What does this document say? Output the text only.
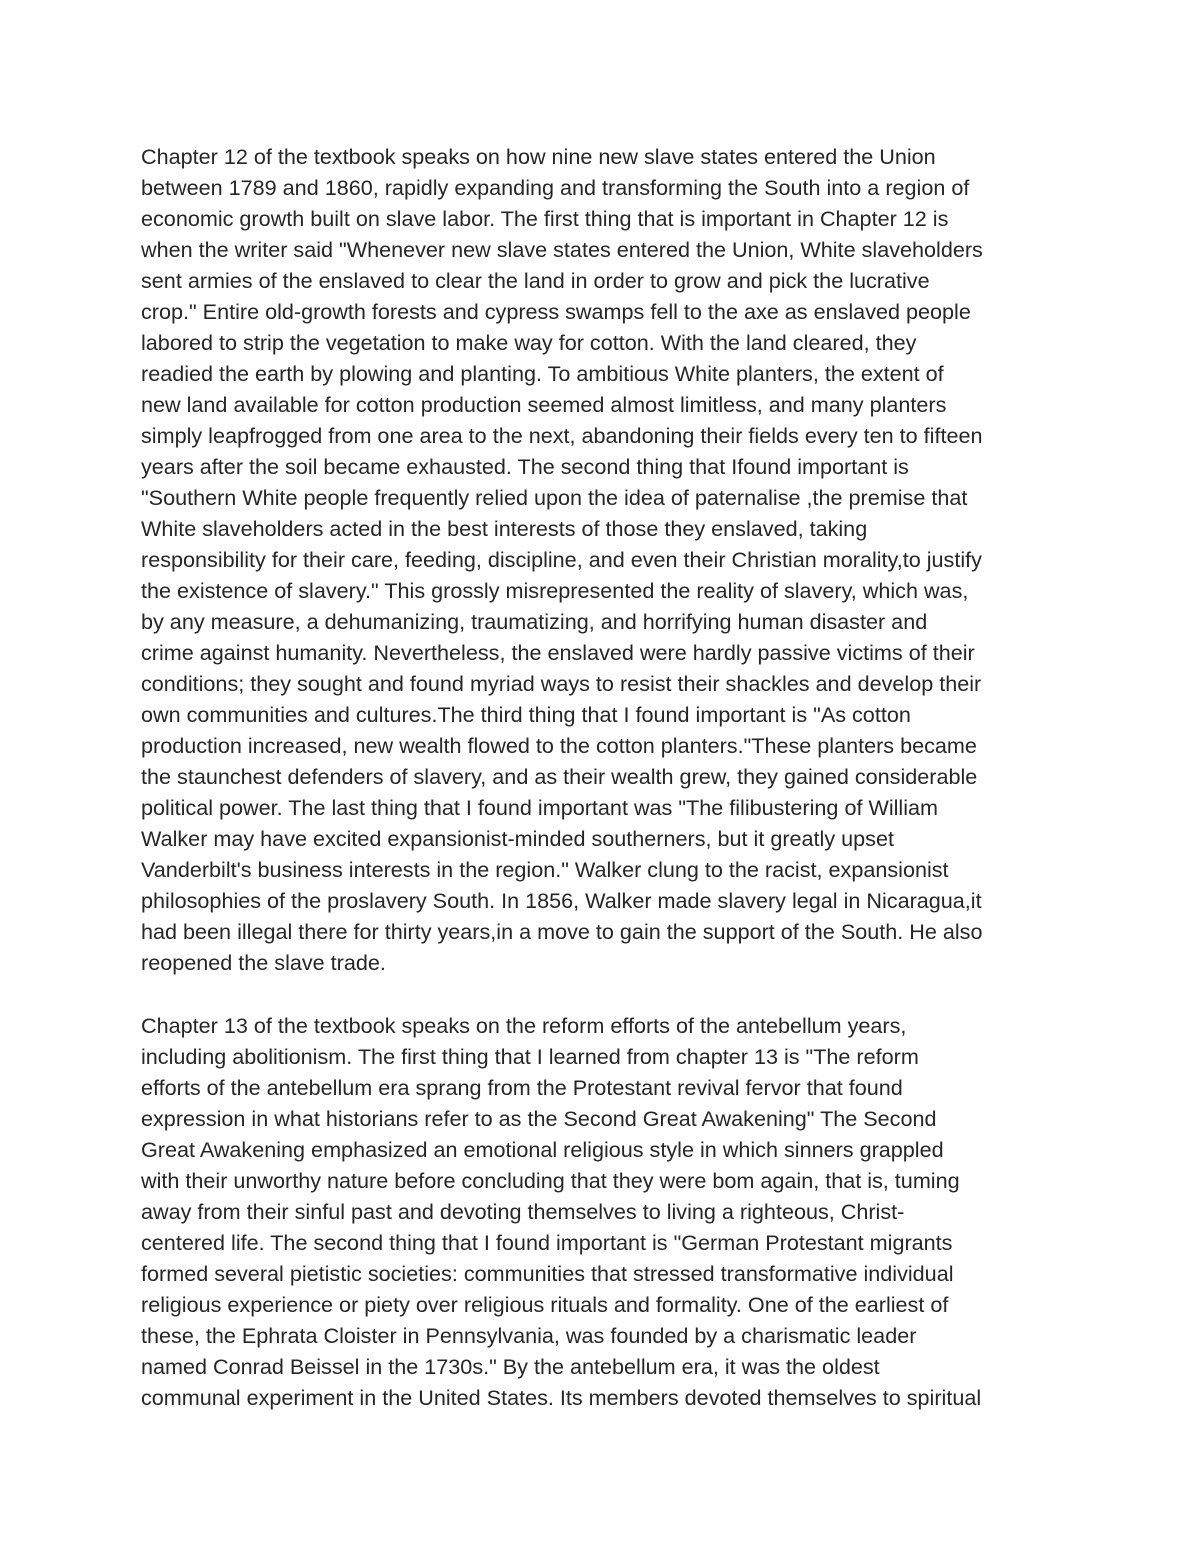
Chapter 12 of the textbook speaks on how nine new slave states entered the Union
between 1789 and 1860, rapidly expanding and transforming the South into a region of
economic growth built on slave labor. The first thing that is important in Chapter 12 is
when the writer said "Whenever new slave states entered the Union, White slaveholders
sent armies of the enslaved to clear the land in order to grow and pick the lucrative
crop." Entire old-growth forests and cypress swamps fell to the axe as enslaved people
labored to strip the vegetation to make way for cotton. With the land cleared, they
readied the earth by plowing and planting. To ambitious White planters, the extent of
new land available for cotton production seemed almost limitless, and many planters
simply leapfrogged from one area to the next, abandoning their fields every ten to fifteen
years after the soil became exhausted. The second thing that Ifound important is
"Southern White people frequently relied upon the idea of paternalise ,the premise that
White slaveholders acted in the best interests of those they enslaved, taking
responsibility for their care, feeding, discipline, and even their Christian morality,to justify
the existence of slavery." This grossly misrepresented the reality of slavery, which was,
by any measure, a dehumanizing, traumatizing, and horrifying human disaster and
crime against humanity. Nevertheless, the enslaved were hardly passive victims of their
conditions; they sought and found myriad ways to resist their shackles and develop their
own communities and cultures.The third thing that I found important is "As cotton
production increased, new wealth flowed to the cotton planters."These planters became
the staunchest defenders of slavery, and as their wealth grew, they gained considerable
political power. The last thing that I found important was "The filibustering of William
Walker may have excited expansionist-minded southerners, but it greatly upset
Vanderbilt's business interests in the region." Walker clung to the racist, expansionist
philosophies of the proslavery South. In 1856, Walker made slavery legal in Nicaragua,it
had been illegal there for thirty years,in a move to gain the support of the South. He also
reopened the slave trade.
Chapter 13 of the textbook speaks on the reform efforts of the antebellum years,
including abolitionism. The first thing that I learned from chapter 13 is "The reform
efforts of the antebellum era sprang from the Protestant revival fervor that found
expression in what historians refer to as the Second Great Awakening" The Second
Great Awakening emphasized an emotional religious style in which sinners grappled
with their unworthy nature before concluding that they were bom again, that is, tuming
away from their sinful past and devoting themselves to living a righteous, Christ-
centered life. The second thing that I found important is "German Protestant migrants
formed several pietistic societies: communities that stressed transformative individual
religious experience or piety over religious rituals and formality. One of the earliest of
these, the Ephrata Cloister in Pennsylvania, was founded by a charismatic leader
named Conrad Beissel in the 1730s." By the antebellum era, it was the oldest
communal experiment in the United States. Its members devoted themselves to spiritual
